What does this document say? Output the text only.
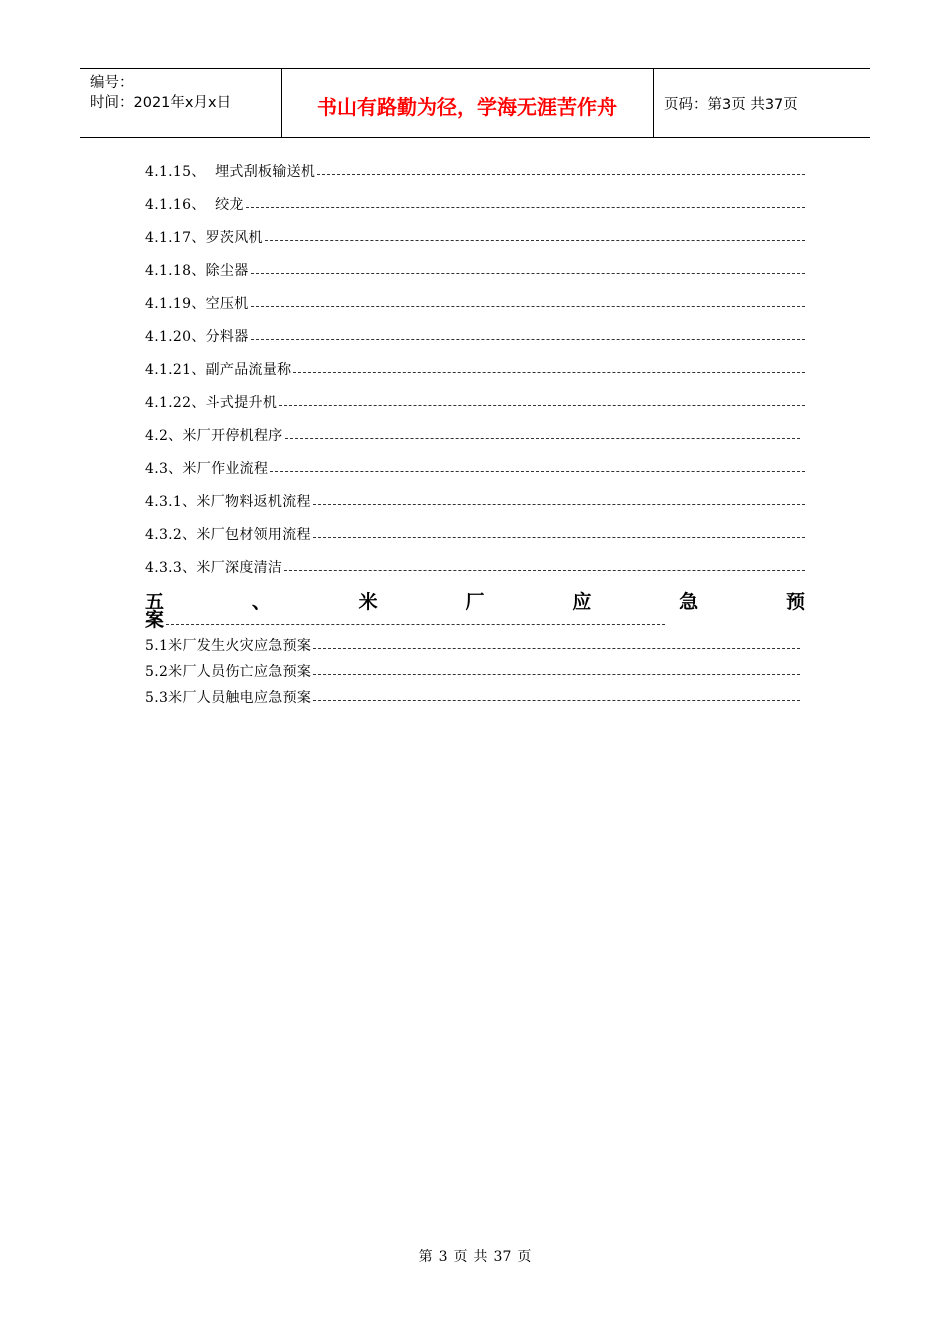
编号：
时间：2021年x月x日	书山有路勤为径，学海无涯苦作舟	页码：第3页 共37页
4.1.15、  埋式刮板输送机
4.1.16、  绞龙
4.1.17、罗茨风机
4.1.18、除尘器
4.1.19、空压机
4.1.20、分料器
4.1.21、副产品流量称
4.1.22、斗式提升机
4.2、米厂开停机程序
4.3、米厂作业流程
4.3.1、米厂物料返机流程
4.3.2、米厂包材领用流程
4.3.3、米厂深度清洁
五	、	米	厂	应	急	预
案
5.1米厂发生火灾应急预案
5.2米厂人员伤亡应急预案
5.3米厂人员触电应急预案
第 3 页 共 37 页
